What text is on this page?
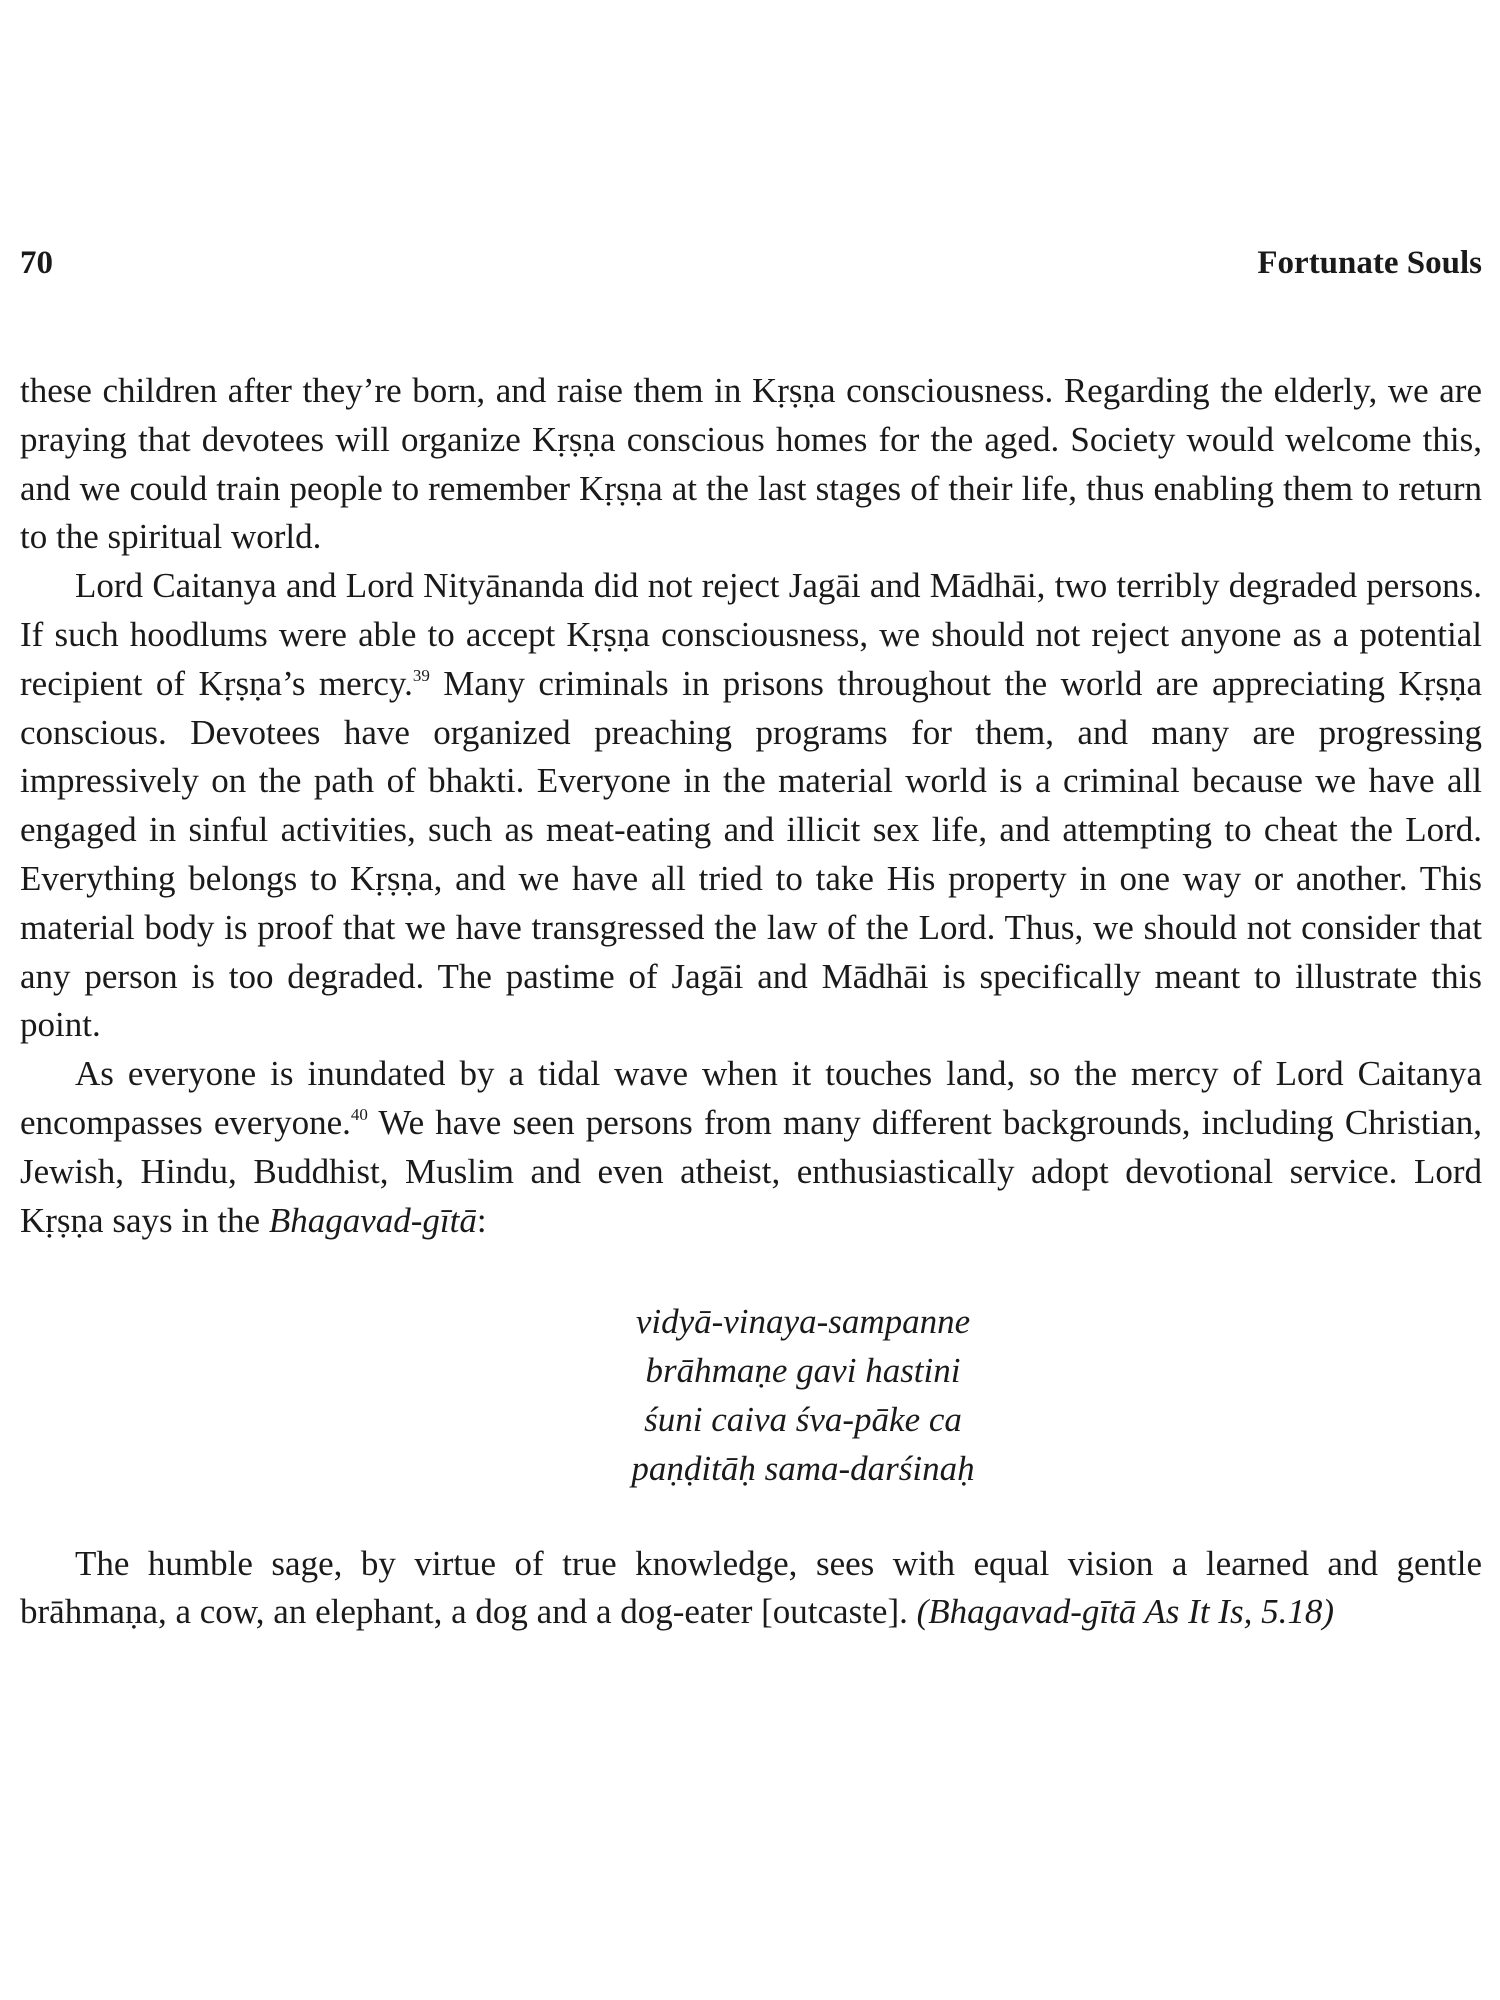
70	Fortunate Souls

these children after they’re born, and raise them in Kṛṣṇa consciousness. Regarding the elderly, we are praying that devotees will organize Kṛṣṇa conscious homes for the aged. Society would welcome this, and we could train people to remember Kṛṣṇa at the last stages of their life, thus enabling them to return to the spiritual world.

Lord Caitanya and Lord Nityānanda did not reject Jagāi and Mādhāi, two terribly degraded persons. If such hoodlums were able to accept Kṛṣṇa consciousness, we should not reject anyone as a potential recipient of Kṛṣṇa’s mercy.$^{39}$ Many criminals in prisons throughout the world are appreciating Kṛṣṇa conscious. Devotees have organized preaching programs for them, and many are progressing impressively on the path of bhakti. Everyone in the material world is a criminal because we have all engaged in sinful activities, such as meat-eating and illicit sex life, and attempting to cheat the Lord. Everything belongs to Kṛṣṇa, and we have all tried to take His property in one way or another. This material body is proof that we have transgressed the law of the Lord. Thus, we should not consider that any person is too degraded. The pastime of Jagāi and Mādhāi is specifically meant to illustrate this point.

As everyone is inundated by a tidal wave when it touches land, so the mercy of Lord Caitanya encompasses everyone.$^{40}$ We have seen persons from many different backgrounds, including Christian, Jewish, Hindu, Buddhist, Muslim and even atheist, enthusiastically adopt devotional service. Lord Kṛṣṇa says in the Bhagavad-gītā:

vidyā-vinaya-sampanne
brāhmaṇe gavi hastini
śuni caiva śva-pāke ca
paṇḍitāḥ sama-darśinaḥ

The humble sage, by virtue of true knowledge, sees with equal vision a learned and gentle brāhmaṇa, a cow, an elephant, a dog and a dog-eater [outcaste]. (Bhagavad-gītā As It Is, 5.18)
